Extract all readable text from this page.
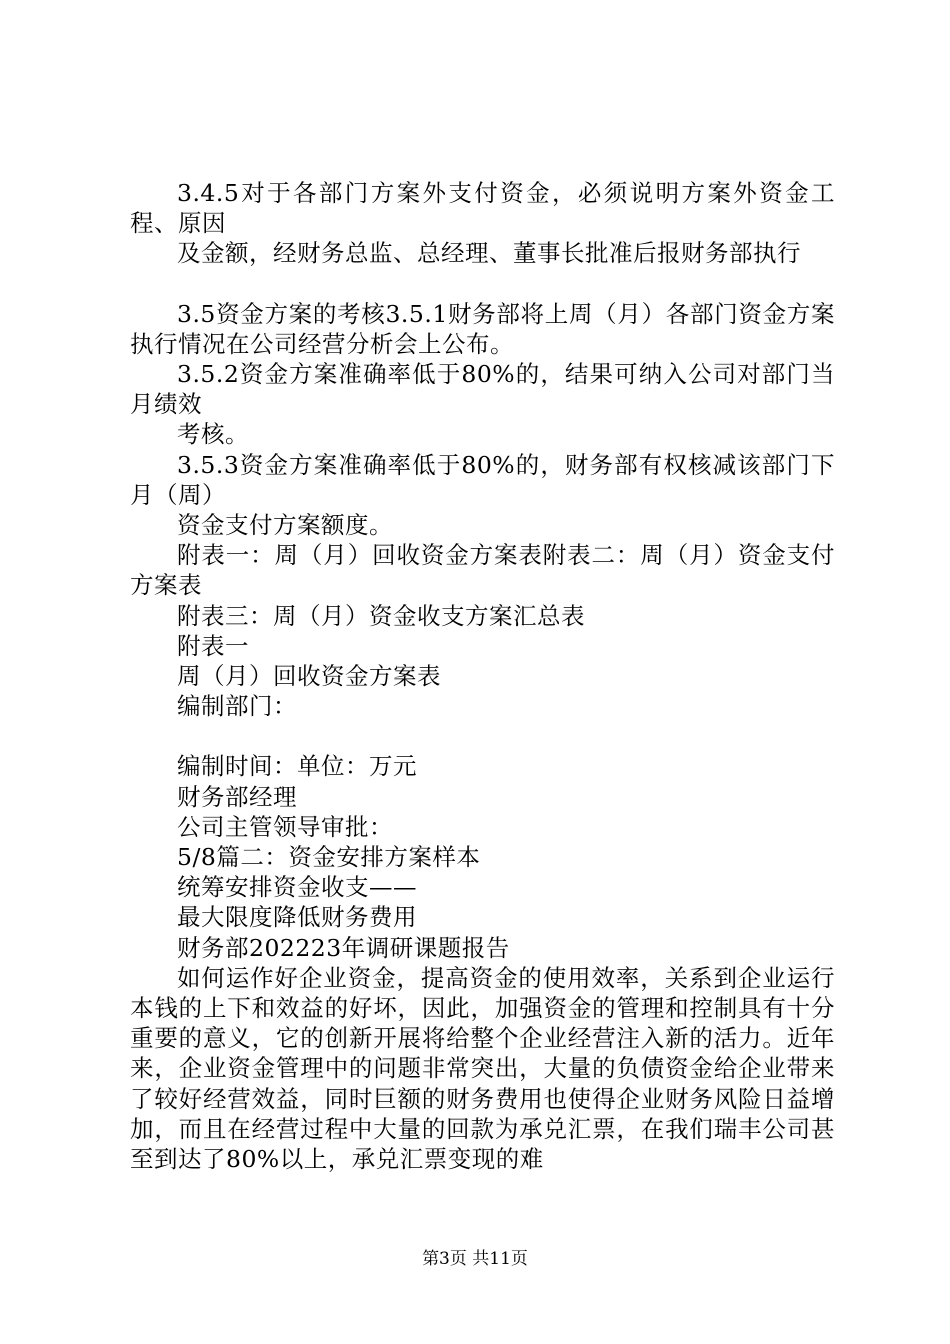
3.4.5对于各部门方案外支付资金，必须说明方案外资金工程、原因

及金额，经财务总监、总经理、董事长批准后报财务部执行

3.5资金方案的考核3.5.1财务部将上周（月）各部门资金方案执行情况在公司经营分析会上公布。

3.5.2资金方案准确率低于80%的，结果可纳入公司对部门当月绩效

考核。

3.5.3资金方案准确率低于80%的，财务部有权核减该部门下月（周）

资金支付方案额度。

附表一：周（月）回收资金方案表附表二：周（月）资金支付方案表

附表三：周（月）资金收支方案汇总表

附表一

周（月）回收资金方案表

编制部门：

编制时间：单位：万元

财务部经理

公司主管领导审批：

5/8篇二：资金安排方案样本

统筹安排资金收支——

最大限度降低财务费用

财务部202223年调研课题报告

如何运作好企业资金，提高资金的使用效率，关系到企业运行本钱的上下和效益的好坏，因此，加强资金的管理和控制具有十分重要的意义，它的创新开展将给整个企业经营注入新的活力。近年来，企业资金管理中的问题非常突出，大量的负债资金给企业带来了较好经营效益，同时巨额的财务费用也使得企业财务风险日益增加，而且在经营过程中大量的回款为承兑汇票，在我们瑞丰公司甚至到达了80%以上，承兑汇票变现的难

第3页 共11页
